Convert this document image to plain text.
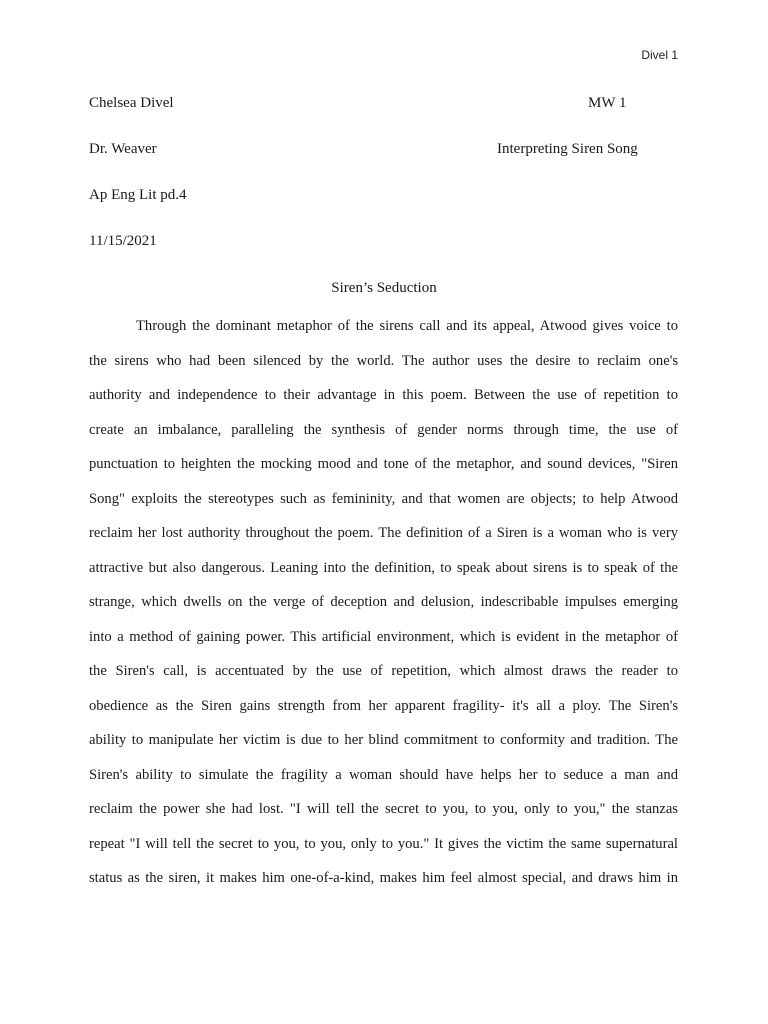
Divel 1
Chelsea Divel	MW 1
Dr. Weaver	Interpreting Siren Song
Ap Eng Lit pd.4
11/15/2021
Siren’s Seduction
Through the dominant metaphor of the sirens call and its appeal, Atwood gives voice to
the sirens who had been silenced by the world. The author uses the desire to reclaim one's
authority and independence to their advantage in this poem. Between the use of repetition to
create an imbalance, paralleling the synthesis of gender norms through time, the use of
punctuation to heighten the mocking mood and tone of the metaphor, and sound devices, "Siren
Song" exploits the stereotypes such as femininity, and that women are objects; to help Atwood
reclaim her lost authority throughout the poem. The definition of a Siren is a woman who is very
attractive but also dangerous. Leaning into the definition, to speak about sirens is to speak of the
strange, which dwells on the verge of deception and delusion, indescribable impulses emerging
into a method of gaining power. This artificial environment, which is evident in the metaphor of
the Siren's call, is accentuated by the use of repetition, which almost draws the reader to
obedience as the Siren gains strength from her apparent fragility- it's all a ploy. The Siren's
ability to manipulate her victim is due to her blind commitment to conformity and tradition. The
Siren's ability to simulate the fragility a woman should have helps her to seduce a man and
reclaim the power she had lost. "I will tell the secret to you, to you, only to you," the stanzas
repeat "I will tell the secret to you, to you, only to you." It gives the victim the same supernatural
status as the siren, it makes him one-of-a-kind, makes him feel almost special, and draws him in
